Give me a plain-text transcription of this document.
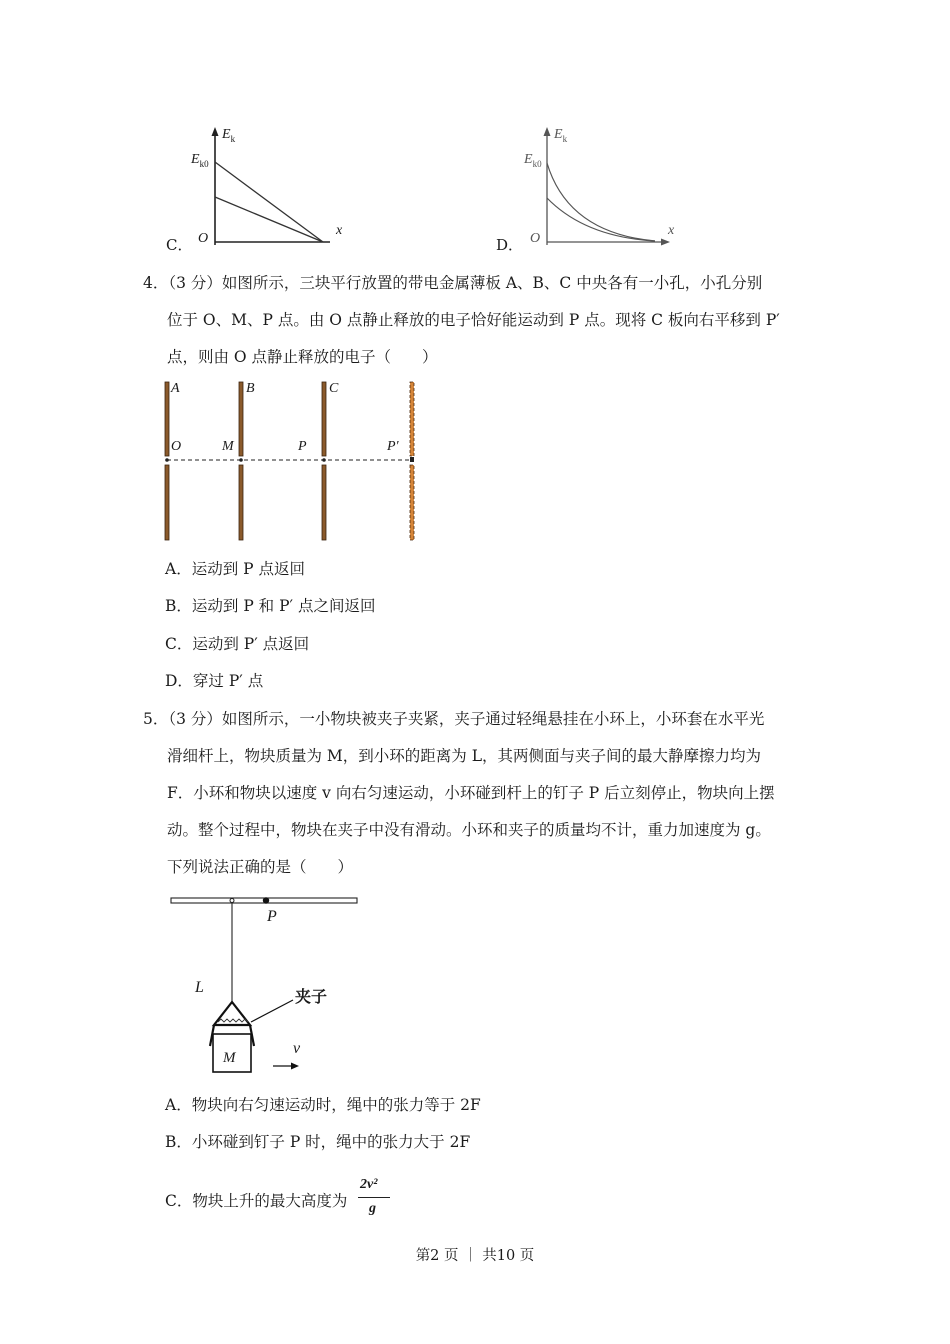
C．
$E_k$
$E_{k0}$
O
x
D．
$E_k$
$E_{k0}$
O
x
4．（3 分）如图所示，三块平行放置的带电金属薄板 A、B、C 中央各有一小孔，小孔分别
位于 O、M、P 点。由 O 点静止释放的电子恰好能运动到 P 点。现将 C 板向右平移到 P′
点，则由 O 点静止释放的电子（　　）
A	B	C
O	M	P	P′
A．运动到 P 点返回
B．运动到 P 和 P′ 点之间返回
C．运动到 P′ 点返回
D．穿过 P′ 点
5．（3 分）如图所示，一小物块被夹子夹紧，夹子通过轻绳悬挂在小环上，小环套在水平光
滑细杆上，物块质量为 M，到小环的距离为 L，其两侧面与夹子间的最大静摩擦力均为
F．小环和物块以速度 v 向右匀速运动，小环碰到杆上的钉子 P 后立刻停止，物块向上摆
动。整个过程中，物块在夹子中没有滑动。小环和夹子的质量均不计，重力加速度为 g。
下列说法正确的是（　　）
P
L	夹子
M
v
A．物块向右匀速运动时，绳中的张力等于 2F
B．小环碰到钉子 P 时，绳中的张力大于 2F
C．物块上升的最大高度为
2v²
g
第2 页 ｜ 共10 页
